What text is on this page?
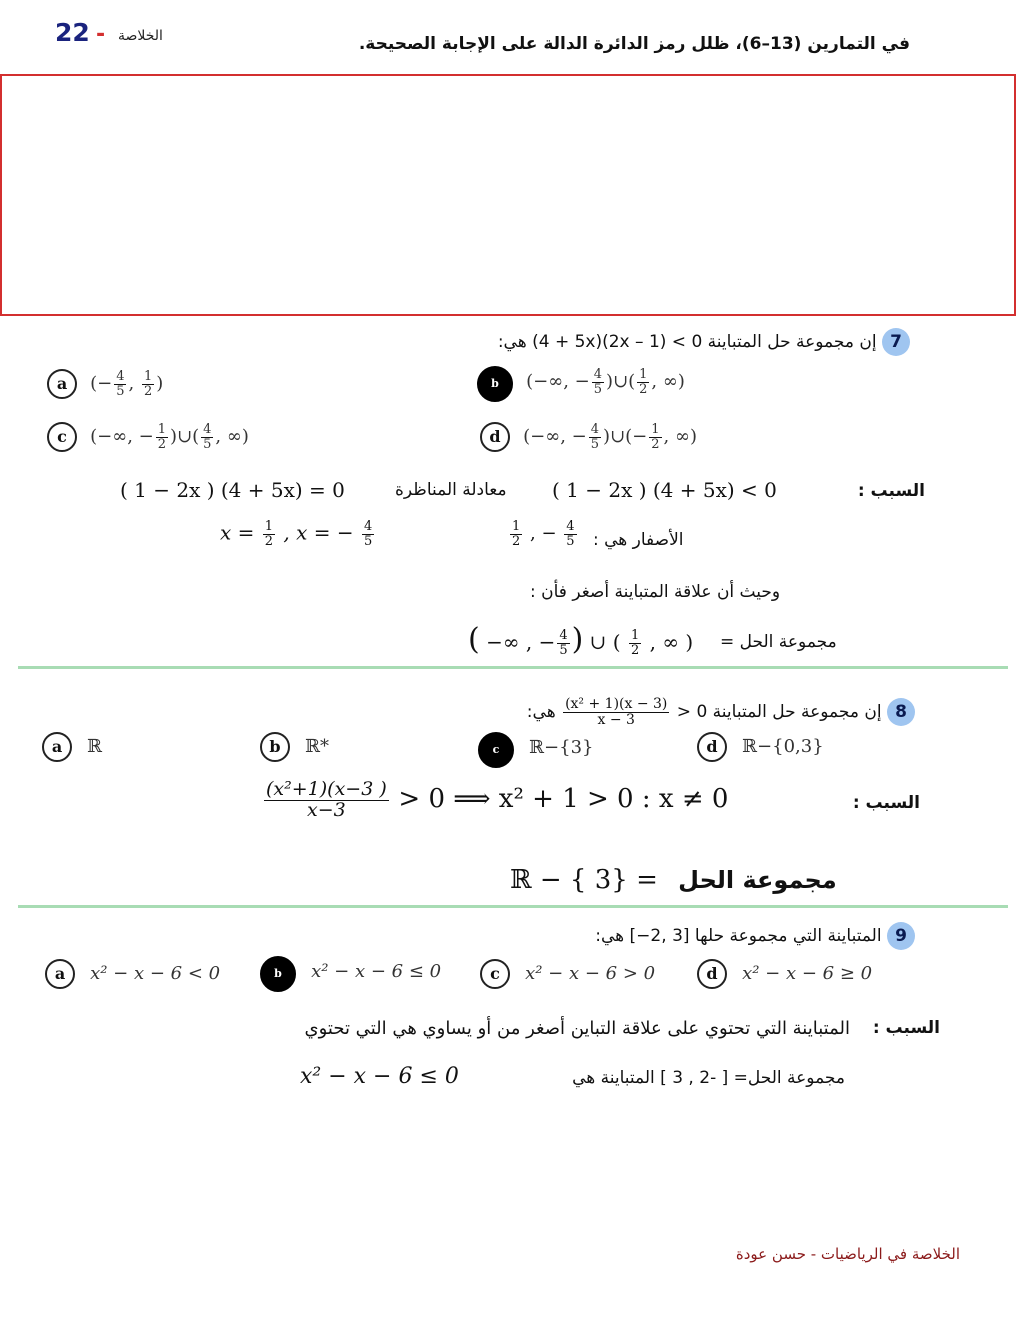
22 - الخلاصة	في التمارين (13–6)، ظلل رمز الدائرة الدالة على الإجابة الصحيحة.
7 إن مجموعة حل المتباينة 0 > (1 – 2x)(4 + 5x) هي:
a (− $\frac{4}{5}$ , $\frac{1}{2}$ )	b (−∞, − $\frac{4}{5}$ )∪( $\frac{1}{2}$ , ∞)
c (−∞, − $\frac{1}{2}$ )∪( $\frac{4}{5}$ , ∞)	d (−∞, − $\frac{4}{5}$ )∪(− $\frac{1}{2}$ , ∞)
السبب :
( 1 − 2x ) (4 + 5x) < 0
معادلة المناظرة
( 1 − 2x ) (4 + 5x) = 0
الأصفار هي :
$\frac{1}{2}$ , − $\frac{4}{5}$
$x = \frac{1}{2}$ , x = − $\frac{4}{5}$
وحيث أن علاقة المتباينة أصغر فأن :
مجموعة الحل =
( −∞ , − $\frac{4}{5}$ ) ∪ ( $\frac{1}{2}$ , ∞ )
8 إن مجموعة حل المتباينة 0 <
$\frac{\text{(x² + 1)(x − 3)}}{x - 3}$
هي:
a ℝ	b ℝ*	c ℝ−{3}	d ℝ−{0,3}
السبب :
$\frac{\text{(x²+1)(x−3 )}}{x-3} > 0$ ⟹ x² + 1 > 0 : x ≠ 0
ℝ − { 3} = مجموعة الحل
9 المتباينة التي مجموعة حلها [3 ,2−] هي:
a x² − x − 6 < 0	b x² − x − 6 ≤ 0	c x² − x − 6 > 0	d x² − x − 6 ≥ 0
السبب :
المتباينة التي تحتوي على علاقة التباين أصغر من أو يساوي هي التي تحتوي
مجموعة الحل= [ -2 , 3 ] المتباينة هي
x² − x − 6 ≤ 0
الخلاصة في الرياضيات - حسن عودة
